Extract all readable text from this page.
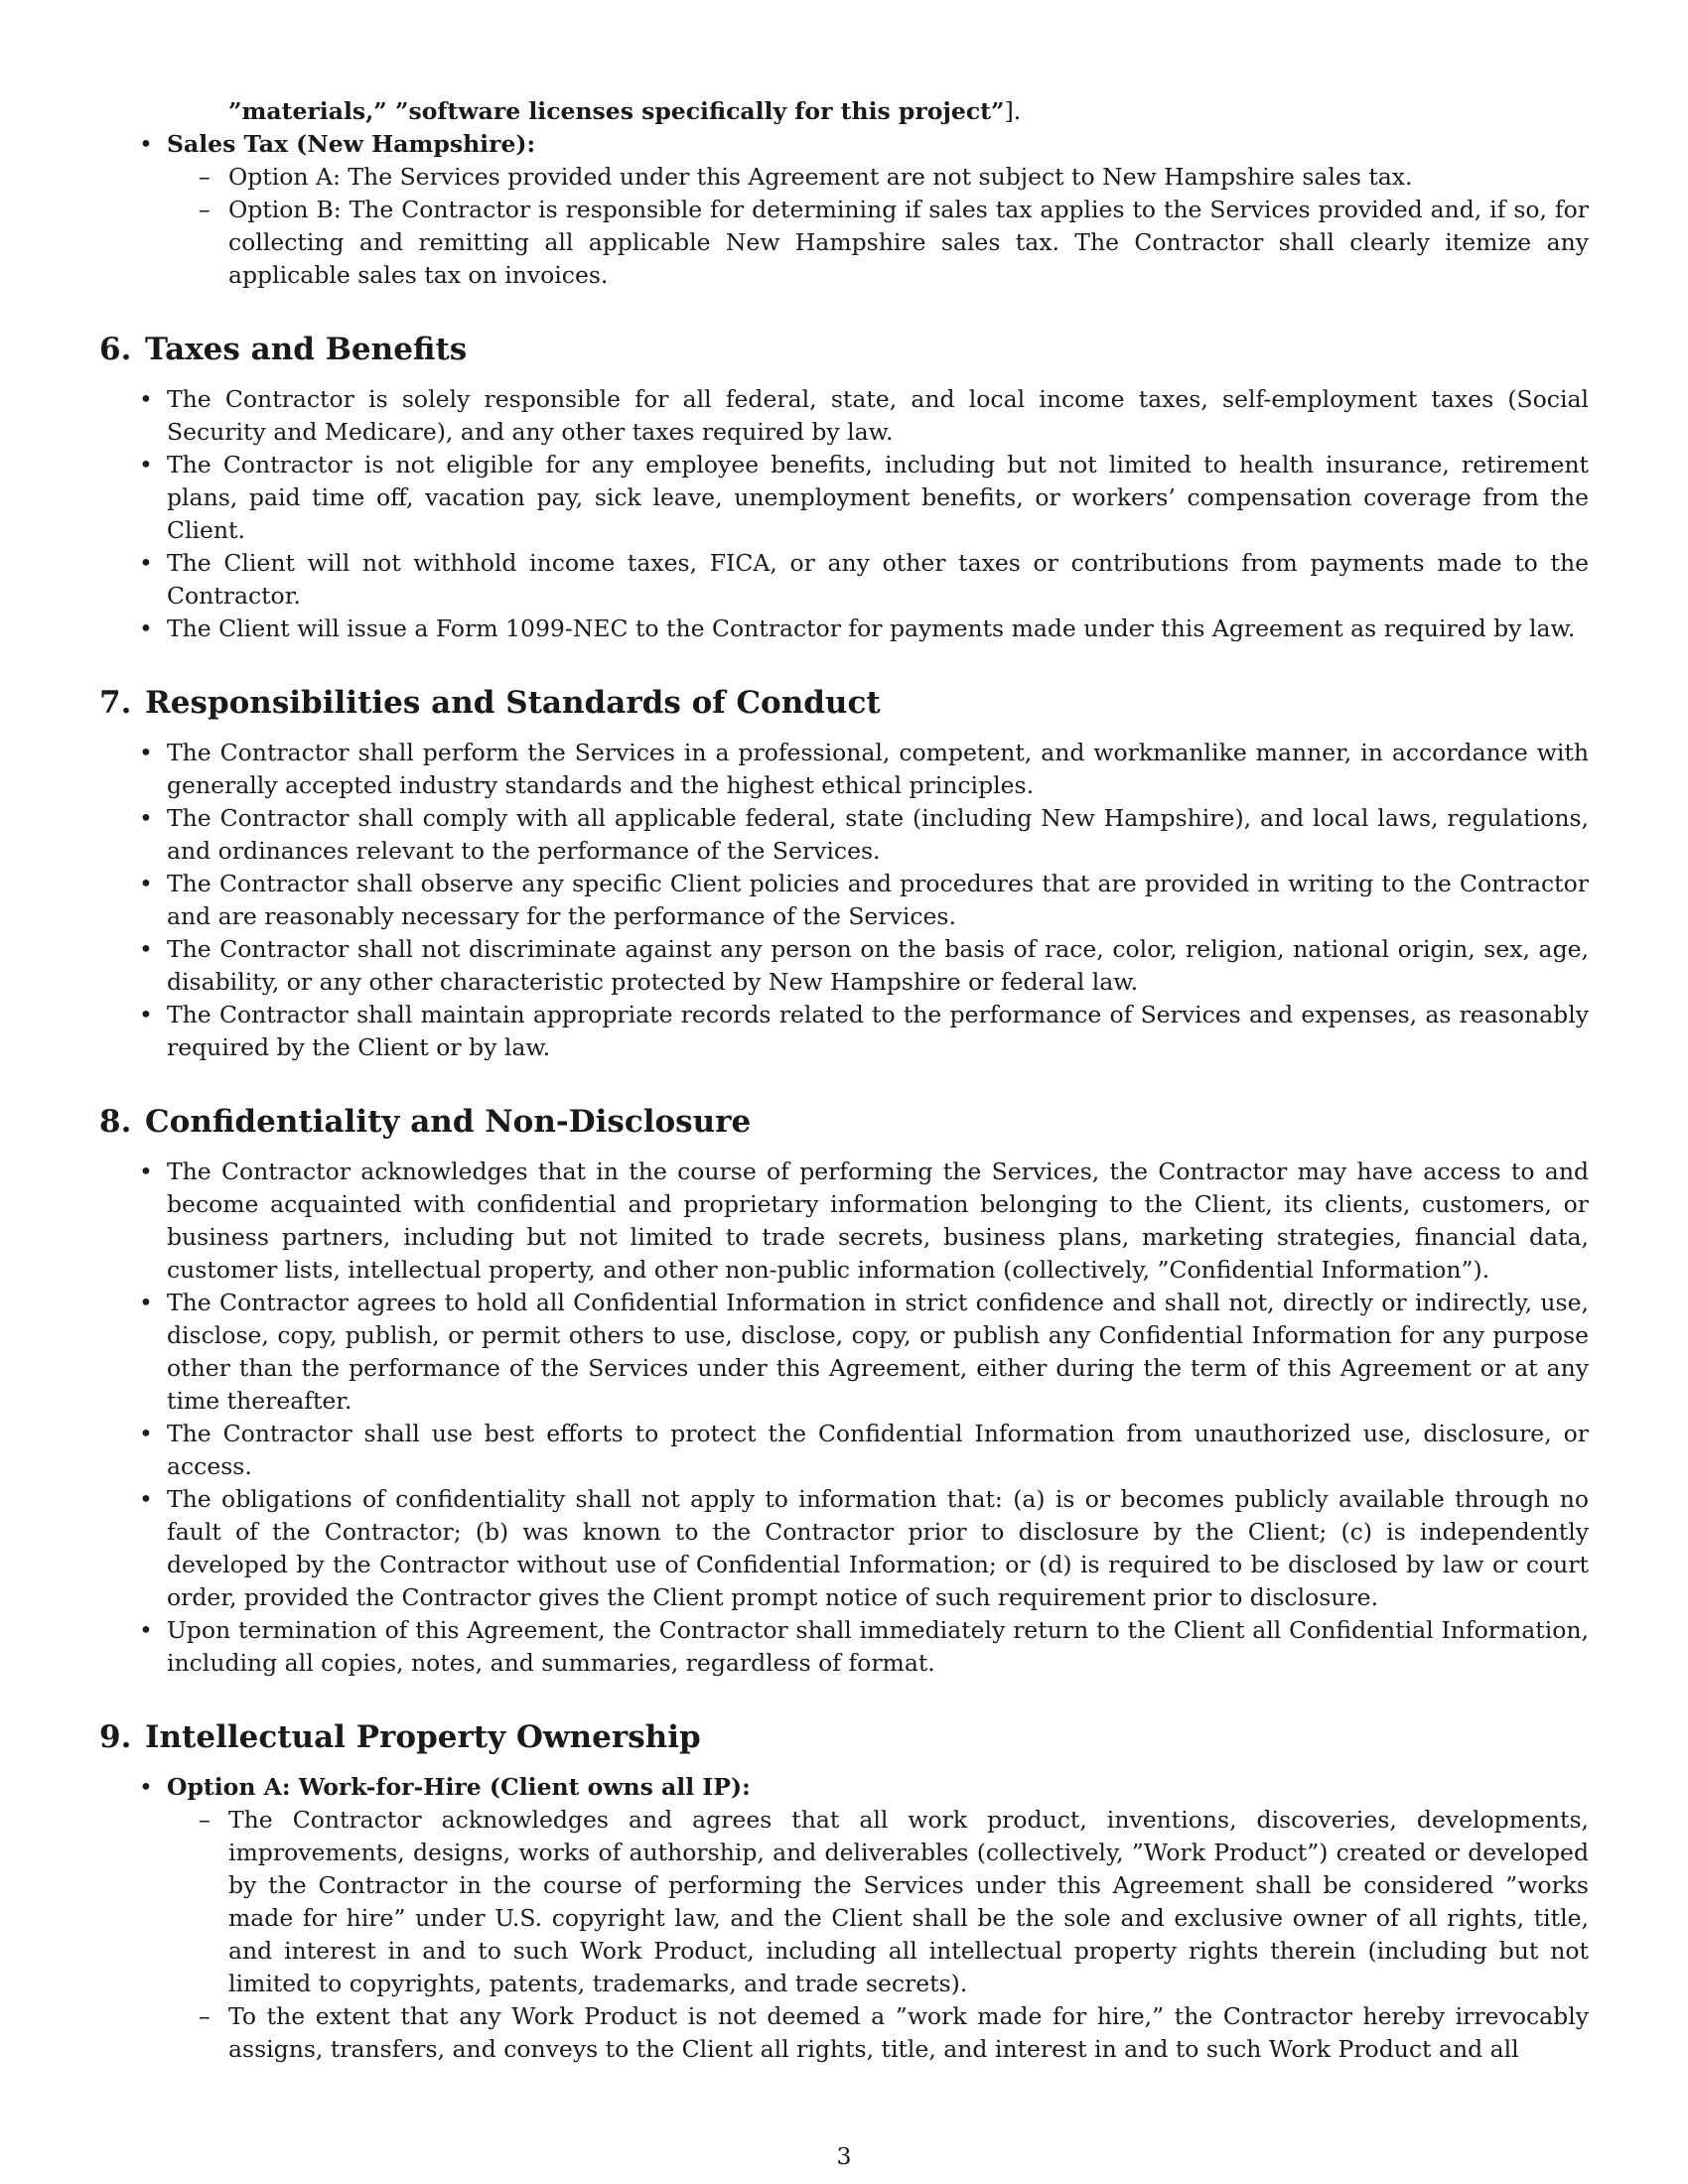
”materials,” ”software licenses specifically for this project”].
• Sales Tax (New Hampshire):
– Option A: The Services provided under this Agreement are not subject to New Hampshire sales tax.
– Option B: The Contractor is responsible for determining if sales tax applies to the Services provided and, if so, for collecting and remitting all applicable New Hampshire sales tax. The Contractor shall clearly itemize any applicable sales tax on invoices.
6. Taxes and Benefits
• The Contractor is solely responsible for all federal, state, and local income taxes, self-employment taxes (Social Security and Medicare), and any other taxes required by law.
• The Contractor is not eligible for any employee benefits, including but not limited to health insurance, retirement plans, paid time off, vacation pay, sick leave, unemployment benefits, or workers’ compensation coverage from the Client.
• The Client will not withhold income taxes, FICA, or any other taxes or contributions from payments made to the Contractor.
• The Client will issue a Form 1099-NEC to the Contractor for payments made under this Agreement as required by law.
7. Responsibilities and Standards of Conduct
• The Contractor shall perform the Services in a professional, competent, and workmanlike manner, in accordance with generally accepted industry standards and the highest ethical principles.
• The Contractor shall comply with all applicable federal, state (including New Hampshire), and local laws, regulations, and ordinances relevant to the performance of the Services.
• The Contractor shall observe any specific Client policies and procedures that are provided in writing to the Contractor and are reasonably necessary for the performance of the Services.
• The Contractor shall not discriminate against any person on the basis of race, color, religion, national origin, sex, age, disability, or any other characteristic protected by New Hampshire or federal law.
• The Contractor shall maintain appropriate records related to the performance of Services and expenses, as reasonably required by the Client or by law.
8. Confidentiality and Non-Disclosure
• The Contractor acknowledges that in the course of performing the Services, the Contractor may have access to and become acquainted with confidential and proprietary information belonging to the Client, its clients, customers, or business partners, including but not limited to trade secrets, business plans, marketing strategies, financial data, customer lists, intellectual property, and other non-public information (collectively, ”Confidential Information”).
• The Contractor agrees to hold all Confidential Information in strict confidence and shall not, directly or indirectly, use, disclose, copy, publish, or permit others to use, disclose, copy, or publish any Confidential Information for any purpose other than the performance of the Services under this Agreement, either during the term of this Agreement or at any time thereafter.
• The Contractor shall use best efforts to protect the Confidential Information from unauthorized use, disclosure, or access.
• The obligations of confidentiality shall not apply to information that: (a) is or becomes publicly available through no fault of the Contractor; (b) was known to the Contractor prior to disclosure by the Client; (c) is independently developed by the Contractor without use of Confidential Information; or (d) is required to be disclosed by law or court order, provided the Contractor gives the Client prompt notice of such requirement prior to disclosure.
• Upon termination of this Agreement, the Contractor shall immediately return to the Client all Confidential Information, including all copies, notes, and summaries, regardless of format.
9. Intellectual Property Ownership
• Option A: Work-for-Hire (Client owns all IP):
– The Contractor acknowledges and agrees that all work product, inventions, discoveries, developments, improvements, designs, works of authorship, and deliverables (collectively, ”Work Product”) created or developed by the Contractor in the course of performing the Services under this Agreement shall be considered ”works made for hire” under U.S. copyright law, and the Client shall be the sole and exclusive owner of all rights, title, and interest in and to such Work Product, including all intellectual property rights therein (including but not limited to copyrights, patents, trademarks, and trade secrets).
– To the extent that any Work Product is not deemed a ”work made for hire,” the Contractor hereby irrevocably assigns, transfers, and conveys to the Client all rights, title, and interest in and to such Work Product and all
3
